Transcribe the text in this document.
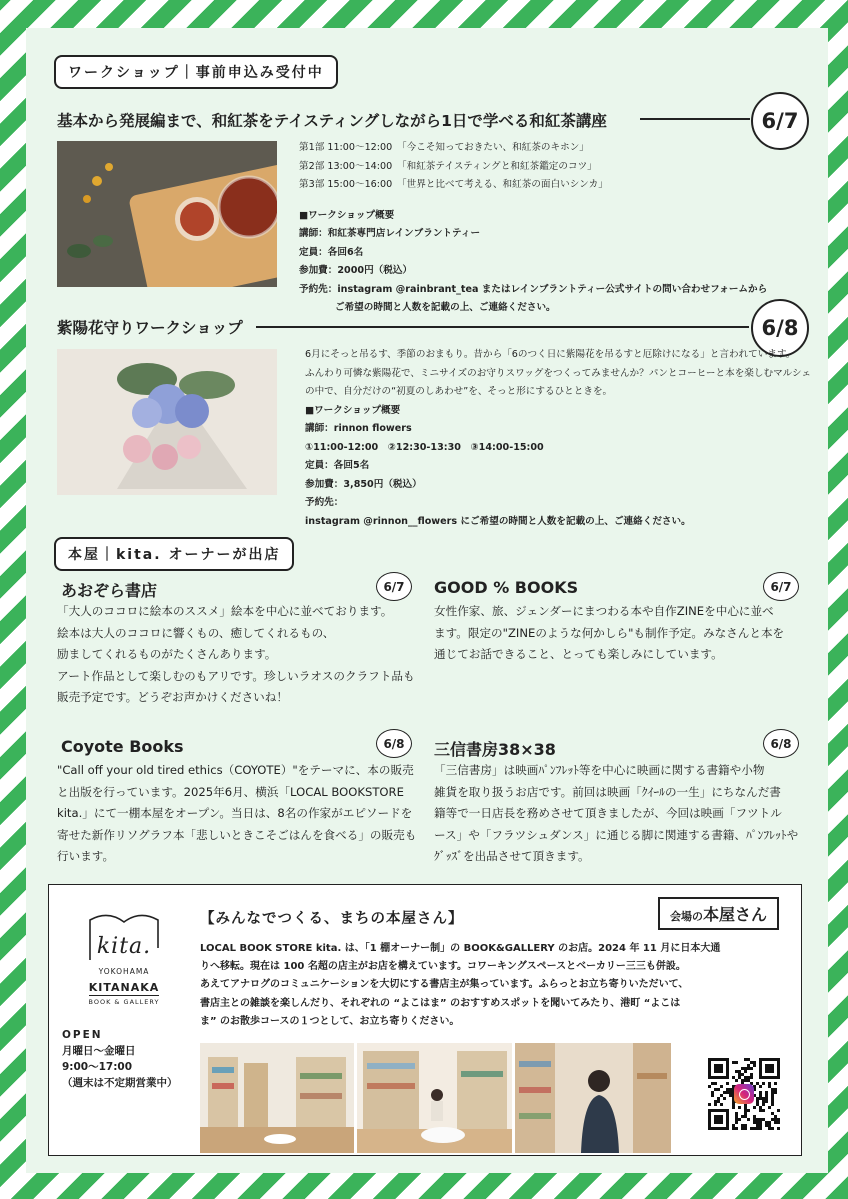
ワークショップ｜事前申込み受付中
基本から発展編まで、和紅茶をテイスティングしながら1日で学べる和紅茶講座	6/7
第1部 11:00～12:00　「今こそ知っておきたい、和紅茶のキホン」
第2部 13:00～14:00　「和紅茶テイスティングと和紅茶鑑定のコツ」
第3部 15:00～16:00　「世界と比べて考える、和紅茶の面白いシンカ」
■ワークショップ概要
講師：和紅茶専門店レインブラントティー
定員：各回6名
参加費：2000円（税込）
予約先：instagram @rainbrant_tea またはレインブラントティー公式サイトの問い合わせフォームから
ご希望の時間と人数を記載の上、ご連絡ください。
紫陽花守りワークショップ	6/8
6月にそっと吊るす、季節のおまもり。昔から「6のつく日に紫陽花を吊るすと厄除けになる」と言われています。
ふんわり可憐な紫陽花で、ミニサイズのお守りスワッグをつくってみませんか？パンとコーヒーと本を楽しむマルシェ
の中で、自分だけの“初夏のしあわせ”を、そっと形にするひとときを。
■ワークショップ概要
講師：rinnon flowers
①11:00-12:00　②12:30-13:30　③14:00-15:00
定員：各回5名
参加費：3,850円（税込）
予約先：
instagram @rinnon__flowers にご希望の時間と人数を記載の上、ご連絡ください。
本屋｜kita. オーナーが出店
あおぞら書店	6/7
「大人のココロに絵本のススメ」絵本を中心に並べております。
絵本は大人のココロに響くもの、癒してくれるもの、
励ましてくれるものがたくさんあります。
アート作品として楽しむのもアリです。珍しいラオスのクラフト品も
販売予定です。どうぞお声かけくださいね！
GOOD % BOOKS	6/7
女性作家、旅、ジェンダーにまつわる本や自作ZINEを中心に並べ
ます。限定の"ZINEのような何かしら"も制作予定。みなさんと本を
通じてお話できること、とっても楽しみにしています。
Coyote Books	6/8
"Call off your old tired ethics（COYOTE）"をテーマに、本の販売
と出版を行っています。2025年6月、横浜「LOCAL BOOKSTORE
kita.」にて一棚本屋をオープン。当日は、8名の作家がエピソードを
寄せた新作リソグラフ本「悲しいときこそごはんを食べる」の販売も
行います。
三信書房38×38	6/8
「三信書房」は映画ﾊﾟﾝﾌﾚｯﾄ等を中心に映画に関する書籍や小物
雑貨を取り扱うお店です。前回は映画「ｸｲｰﾙの一生」にちなんだ書
籍等で一日店長を務めさせて頂きましたが、今回は映画「フツトル
ース」や「フラツシュダンス」に通じる脚に関連する書籍、ﾊﾟﾝﾌﾚｯﾄや
ｸﾞｯｽﾞを出品させて頂きます。
会場の本屋さん
kita.
YOKOHAMA
KITANAKA
BOOK & GALLERY
OPEN
月曜日～金曜日
9:00～17:00
（週末は不定期営業中）
【みんなでつくる、まちの本屋さん】
LOCAL BOOK STORE kita. は、「1 棚オーナー制」の BOOK&GALLERY のお店。2024 年 11 月に日本大通
りへ移転。現在は 100 名超の店主がお店を構えています。コワーキングスペースとベーカリー三三も併設。
あえてアナログのコミュニケーションを大切にする書店主が集っています。ふらっとお立ち寄りいただいて、
書店主との雑談を楽しんだり、それぞれの “よこはま” のおすすめスポットを聞いてみたり、港町 “よこは
ま” のお散歩コースの１つとして、お立ち寄りください。
